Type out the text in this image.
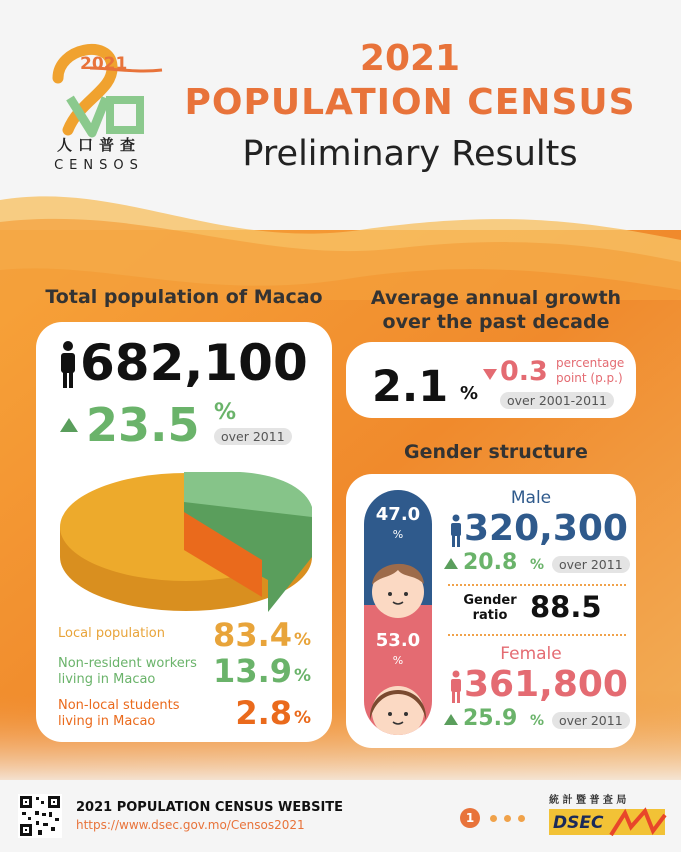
2021
人口普查
CENSOS
2021
POPULATION CENSUS
Preliminary Results
Total population of Macao
682,100
23.5 %
over 2011
Local population	83.4 %
Non-resident workers
living in Macao	13.9 %
Non-local students
living in Macao	2.8 %
Average annual growth
over the past decade
2.1 %
0.3 percentage
point (p.p.)
over 2001-2011
Gender structure
47.0
%
53.0
%
Male
320,300
20.8 %	over 2011
Gender
ratio 88.5
Female
361,800
25.9 %	over 2011
2021 POPULATION CENSUS WEBSITE
https://www.dsec.gov.mo/Censos2021	1
統 計 暨 普 查 局
DSEC
